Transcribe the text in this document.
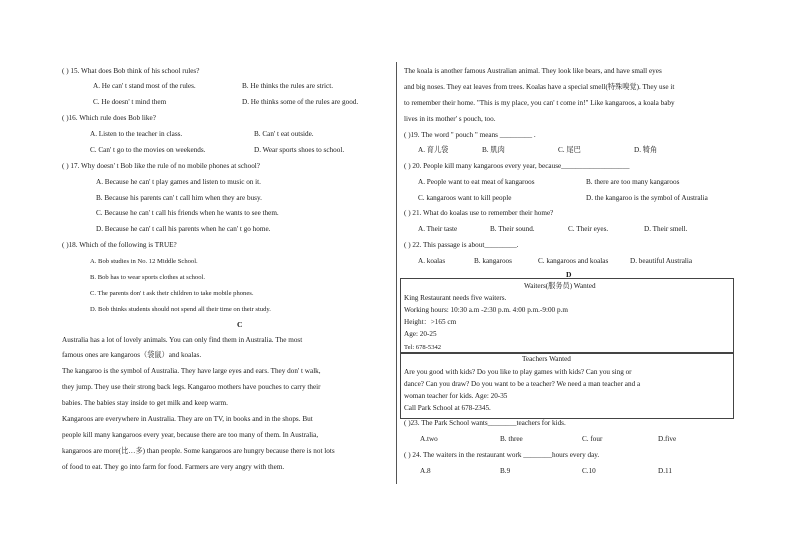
( ) 15. What does Bob think of his school rules?
A. He can' t stand most of the rules.	B. He thinks the rules are strict.
C. He doesn' t mind them	D. He thinks some of the rules are good.
( )16. Which rule does Bob like?
A. Listen to the teacher in class.	B. Can' t eat outside.
C. Can' t go to the movies on weekends.	D. Wear sports shoes to school.
( ) 17. Why doesn' t Bob like the rule of no mobile phones at school?
A. Because he can' t play games and listen to music on it.
B. Because his parents can' t call him when they are busy.
C. Because he can' t call his friends when he wants to see them.
D. Because he can' t call his parents when he can' t go home.
( )18. Which of the following is TRUE?
A. Bob studies in No. 12 Middle School.
B. Bob has to wear sports clothes at school.
C. The parents don' t ask their children to take mobile phones.
D. Bob thinks students should not spend all their time on their study.
C
Australia has a lot of lovely animals. You can only find them in Australia. The most
famous ones are kangaroos（袋鼠）and koalas.
The kangaroo is the symbol of Australia. They have large eyes and ears. They don' t walk,
they jump. They use their strong back legs. Kangaroo mothers have pouches to carry their
babies. The babies stay inside to get milk and keep warm.
Kangaroos are everywhere in Australia. They are on TV, in books and in the shops. But
people kill many kangaroos every year, because there are too many of them. In Australia,
kangaroos are more(比…多) than people. Some kangaroos are hungry because there is not lots
of food to eat. They go into farm for food. Farmers are very angry with them.
The koala is another famous Australian animal. They look like bears, and have small eyes
and big noses. They eat leaves from trees. Koalas have a special smell(特殊嗅觉). They use it
to remember their home. "This is my place, you can' t come in!" Like kangaroos, a koala baby
lives in its mother' s pouch, too.
( )19. The word " pouch " means _________ .
A. 育儿袋	B. 肌肉	C. 尾巴	D. 犄角
( ) 20. People kill many kangaroos every year, because___________________
A. People want to eat meat of kangaroos	B. there are too many kangaroos
C. kangaroos want to kill people	D. the kangaroo is the symbol of Australia
( ) 21. What do koalas use to remember their home?
A. Their taste	B. Their sound.	C. Their eyes.	D. Their smell.
( ) 22. This passage is about_________.
A. koalas	B. kangaroos	C. kangaroos and koalas	D. beautiful Australia
D
Waiters(服务员) Wanted
King Restaurant needs five waiters.
Working hours: 10:30 a.m -2:30 p.m. 4:00 p.m.-9:00 p.m
Height：>165 cm
Age: 20-25
Tel: 678-5342
Teachers Wanted
Are you good with kids? Do you like to play games with kids? Can you sing or
dance? Can you draw? Do you want to be a teacher? We need a man teacher and a
woman teacher for kids. Age: 20-35
Call Park School at 678-2345.
( )23. The Park School wants________teachers for kids.
A.two	B. three	C. four	D.five
( ) 24. The waiters in the restaurant work ________hours every day.
A.8	B.9	C.10	D.11
